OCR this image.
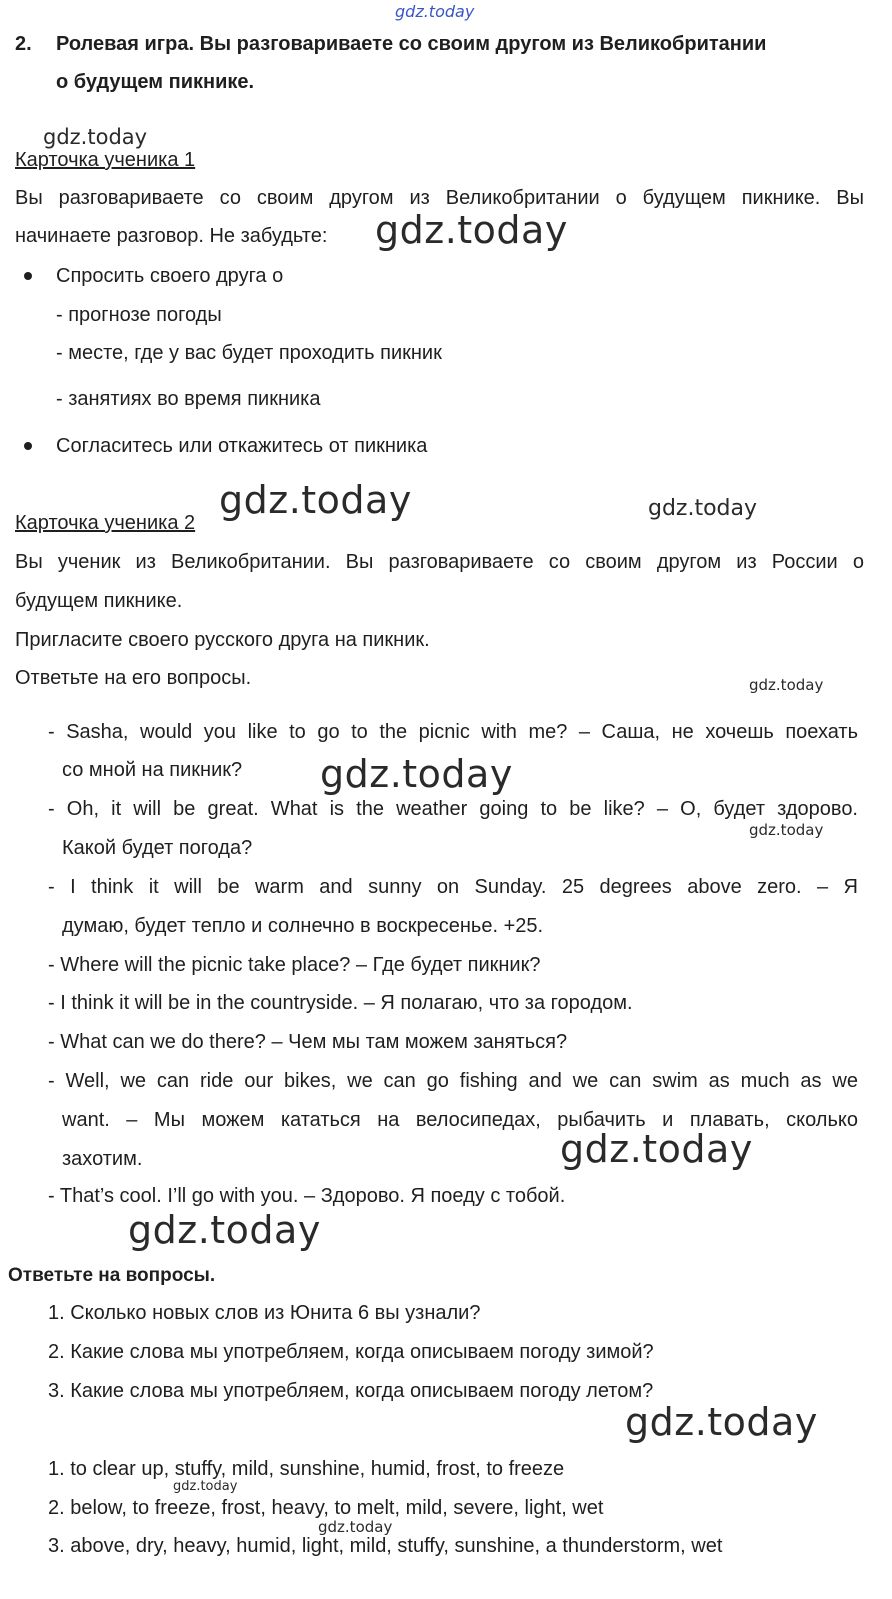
gdz.today
2. Ролевая игра. Вы разговариваете со своим другом из Великобритании
о будущем пикнике.
gdz.today
Карточка ученика 1
Вы разговариваете со своим другом из Великобритании о будущем пикнике. Вы
начинаете разговор. Не забудьте: gdz.today
Спросить своего друга о
- прогнозе погоды
- месте, где у вас будет проходить пикник
- занятиях во время пикника
Согласитесь или откажитесь от пикника
gdz.today	gdz.today
Карточка ученика 2
Вы ученик из Великобритании. Вы разговариваете со своим другом из России о
будущем пикнике.
Пригласите своего русского друга на пикник.
Ответьте на его вопросы.	gdz.today
- Sasha, would you like to go to the picnic with me? – Саша, не хочешь поехать
со мной на пикник? gdz.today
- Oh, it will be great. What is the weather going to be like? – О, будет здорово.
gdz.today
Какой будет погода?
- I think it will be warm and sunny on Sunday. 25 degrees above zero. – Я
думаю, будет тепло и солнечно в воскресенье. +25.
- Where will the picnic take place? – Где будет пикник?
- I think it will be in the countryside. – Я полагаю, что за городом.
- What can we do there? – Чем мы там можем заняться?
- Well, we can ride our bikes, we can go fishing and we can swim as much as we
want. – Мы можем кататься на велосипедах, рыбачить и плавать, сколько
захотим.	gdz.today
- That’s cool. I’ll go with you. – Здорово. Я поеду с тобой.
gdz.today
Ответьте на вопросы.
1. Сколько новых слов из Юнита 6 вы узнали?
2. Какие слова мы употребляем, когда описываем погоду зимой?
3. Какие слова мы употребляем, когда описываем погоду летом?
gdz.today
1. to clear up, stuffy, mild, sunshine, humid, frost, to freeze
gdz.today
2. below, to freeze, frost, heavy, to melt, mild, severe, light, wet
gdz.today
3. above, dry, heavy, humid, light, mild, stuffy, sunshine, a thunderstorm, wet
